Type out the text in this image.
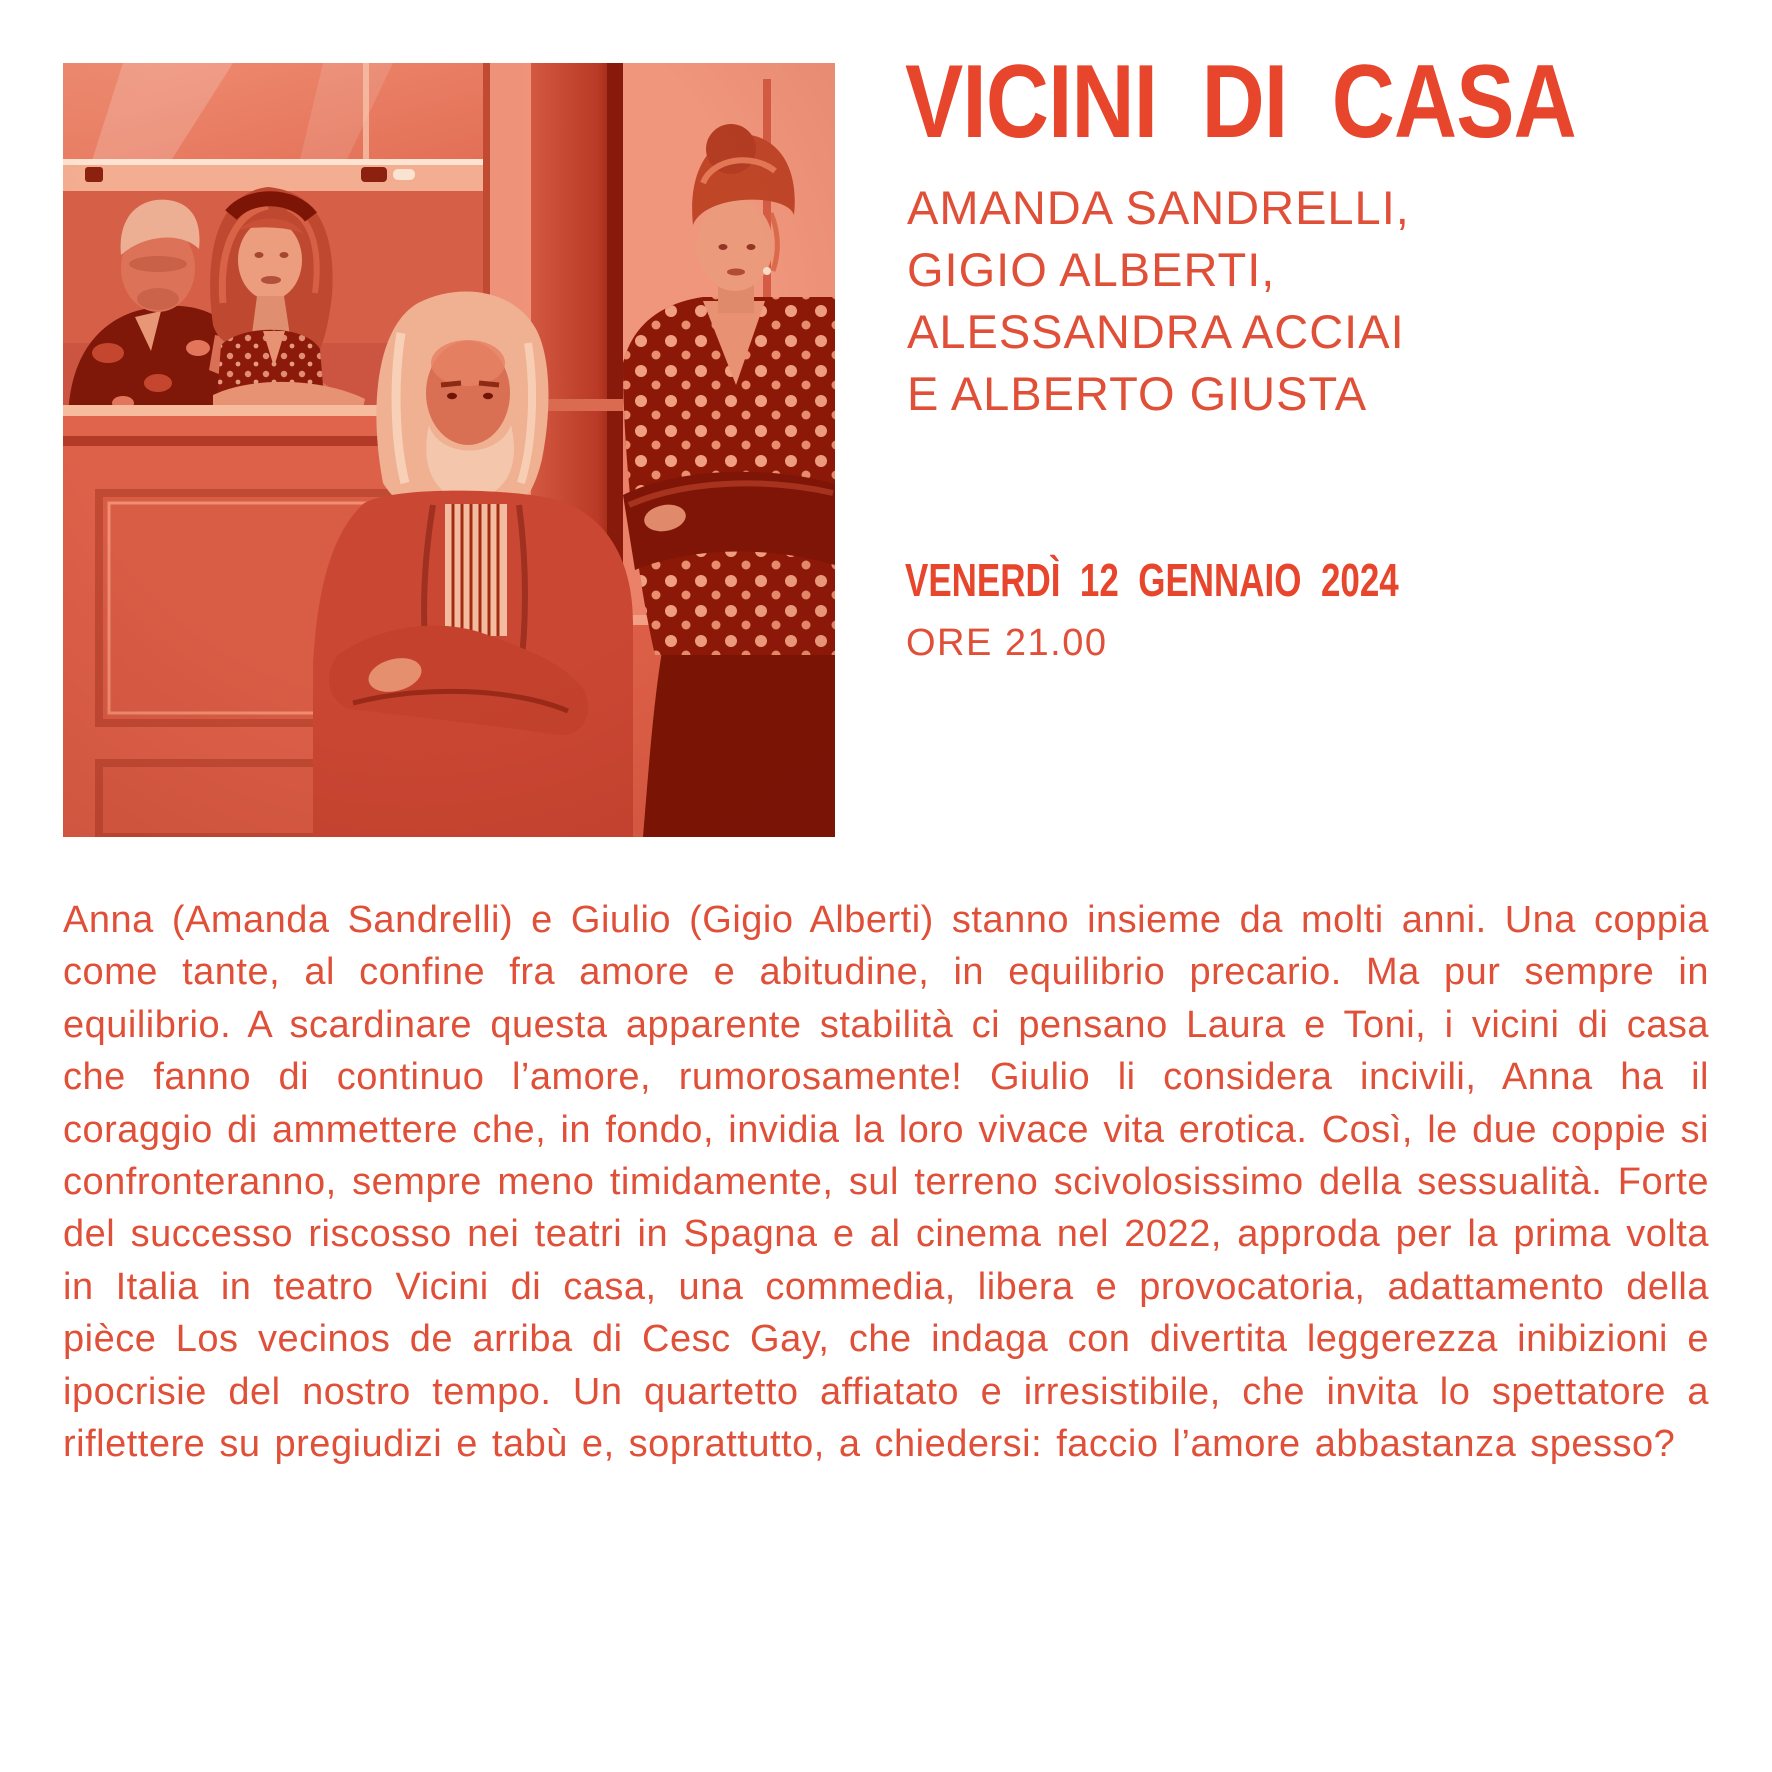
VICINI DI CASA
AMANDA SANDRELLI,
GIGIO ALBERTI,
ALESSANDRA ACCIAI
E ALBERTO GIUSTA
VENERDÌ 12 GENNAIO 2024
ORE 21.00
Anna (Amanda Sandrelli) e Giulio (Gigio Alberti) stanno insieme da molti anni. Una coppia come tante, al confine fra amore e abitudine, in equilibrio precario. Ma pur sempre in equilibrio. A scardinare questa apparente stabilità ci pensano Laura e Toni, i vicini di casa che fanno di continuo l’amore, rumorosamente! Giulio li considera incivili, Anna ha il coraggio di ammettere che, in fondo, invidia la loro vivace vita erotica. Così, le due coppie si confronteranno, sempre meno timidamente, sul terreno scivolosissimo della sessualità. Forte del successo riscosso nei teatri in Spagna e al cinema nel 2022, approda per la prima volta in Italia in teatro Vicini di casa, una commedia, libera e provocatoria, adattamento della pièce Los vecinos de arriba di Cesc Gay, che indaga con divertita leggerezza inibizioni e ipocrisie del nostro tempo. Un quartetto affiatato e irresistibile, che invita lo spettatore a riflettere su pregiudizi e tabù e, soprattutto, a chiedersi: faccio l’amore abbastanza spesso?
